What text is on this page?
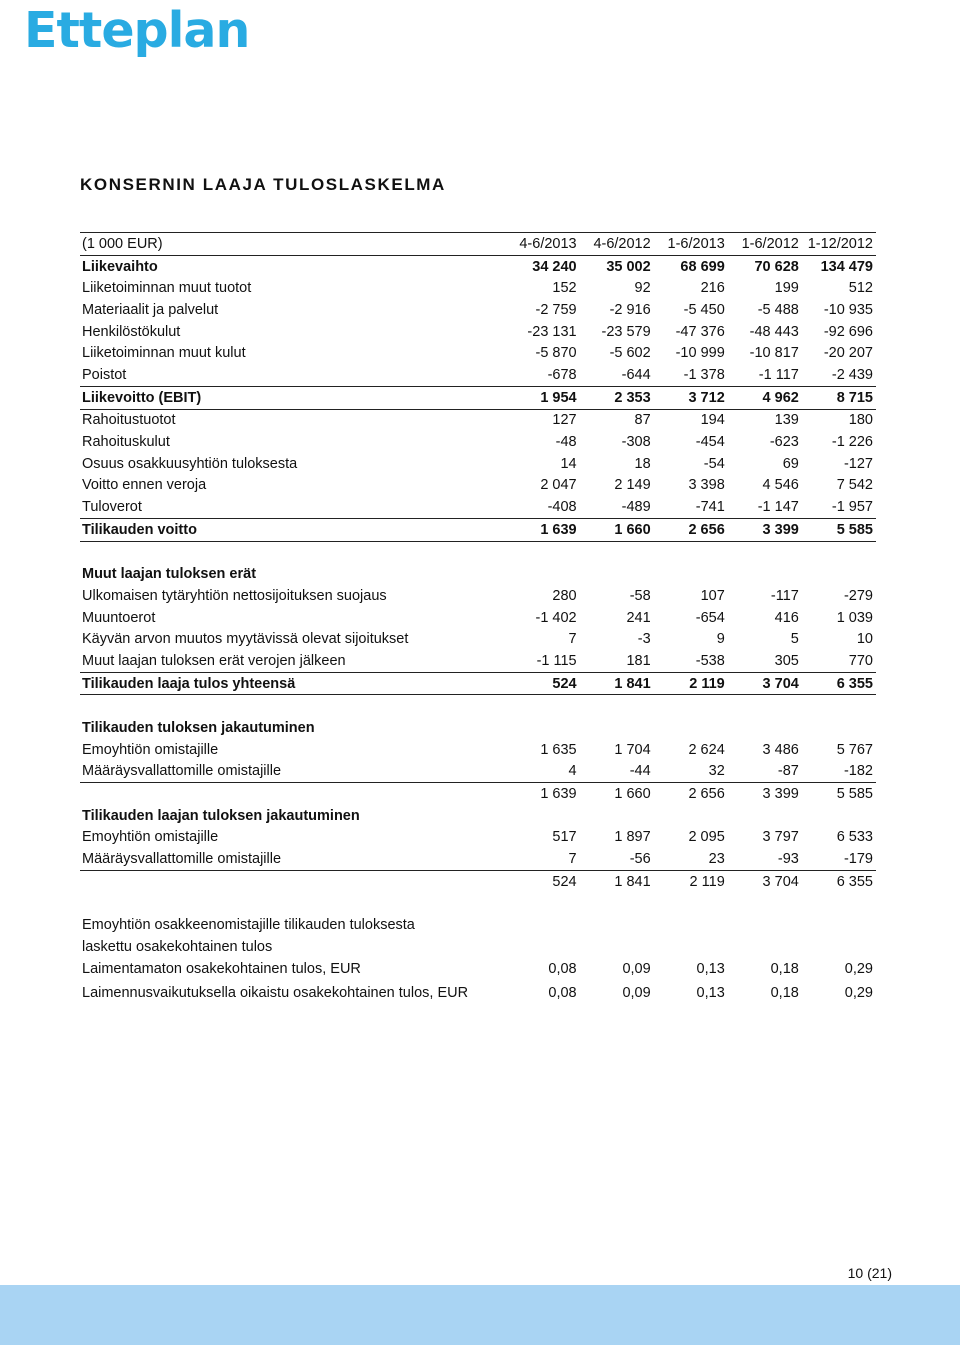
Etteplan
KONSERNIN LAAJA TULOSLASKELMA
(1 000 EUR)	4-6/2013	4-6/2012	1-6/2013	1-6/2012	1-12/2012
Liikevaihto	34 240	35 002	68 699	70 628	134 479
Liiketoiminnan muut tuotot	152	92	216	199	512
Materiaalit ja palvelut	-2 759	-2 916	-5 450	-5 488	-10 935
Henkilöstökulut	-23 131	-23 579	-47 376	-48 443	-92 696
Liiketoiminnan muut kulut	-5 870	-5 602	-10 999	-10 817	-20 207
Poistot	-678	-644	-1 378	-1 117	-2 439
Liikevoitto (EBIT)	1 954	2 353	3 712	4 962	8 715
Rahoitustuotot	127	87	194	139	180
Rahoituskulut	-48	-308	-454	-623	-1 226
Osuus osakkuusyhtiön tuloksesta	14	18	-54	69	-127
Voitto ennen veroja	2 047	2 149	3 398	4 546	7 542
Tuloverot	-408	-489	-741	-1 147	-1 957
Tilikauden voitto	1 639	1 660	2 656	3 399	5 585

Muut laajan tuloksen erät					
Ulkomaisen tytäryhtiön nettosijoituksen suojaus	280	-58	107	-117	-279
Muuntoerot	-1 402	241	-654	416	1 039
Käyvän arvon muutos myytävissä olevat sijoitukset	7	-3	9	5	10
Muut laajan tuloksen erät verojen jälkeen	-1 115	181	-538	305	770
Tilikauden laaja tulos yhteensä	524	1 841	2 119	3 704	6 355

Tilikauden tuloksen jakautuminen					
Emoyhtiön omistajille	1 635	1 704	2 624	3 486	5 767
Määräysvallattomille omistajille	4	-44	32	-87	-182
	1 639	1 660	2 656	3 399	5 585
Tilikauden laajan tuloksen jakautuminen					
Emoyhtiön omistajille	517	1 897	2 095	3 797	6 533
Määräysvallattomille omistajille	7	-56	23	-93	-179
	524	1 841	2 119	3 704	6 355

Emoyhtiön osakkeenomistajille tilikauden tuloksesta					
laskettu osakekohtainen tulos					
Laimentamaton osakekohtainen tulos, EUR	0,08	0,09	0,13	0,18	0,29
Laimennusvaikutuksella oikaistu osakekohtainen tulos, EUR	0,08	0,09	0,13	0,18	0,29
10 (21)
